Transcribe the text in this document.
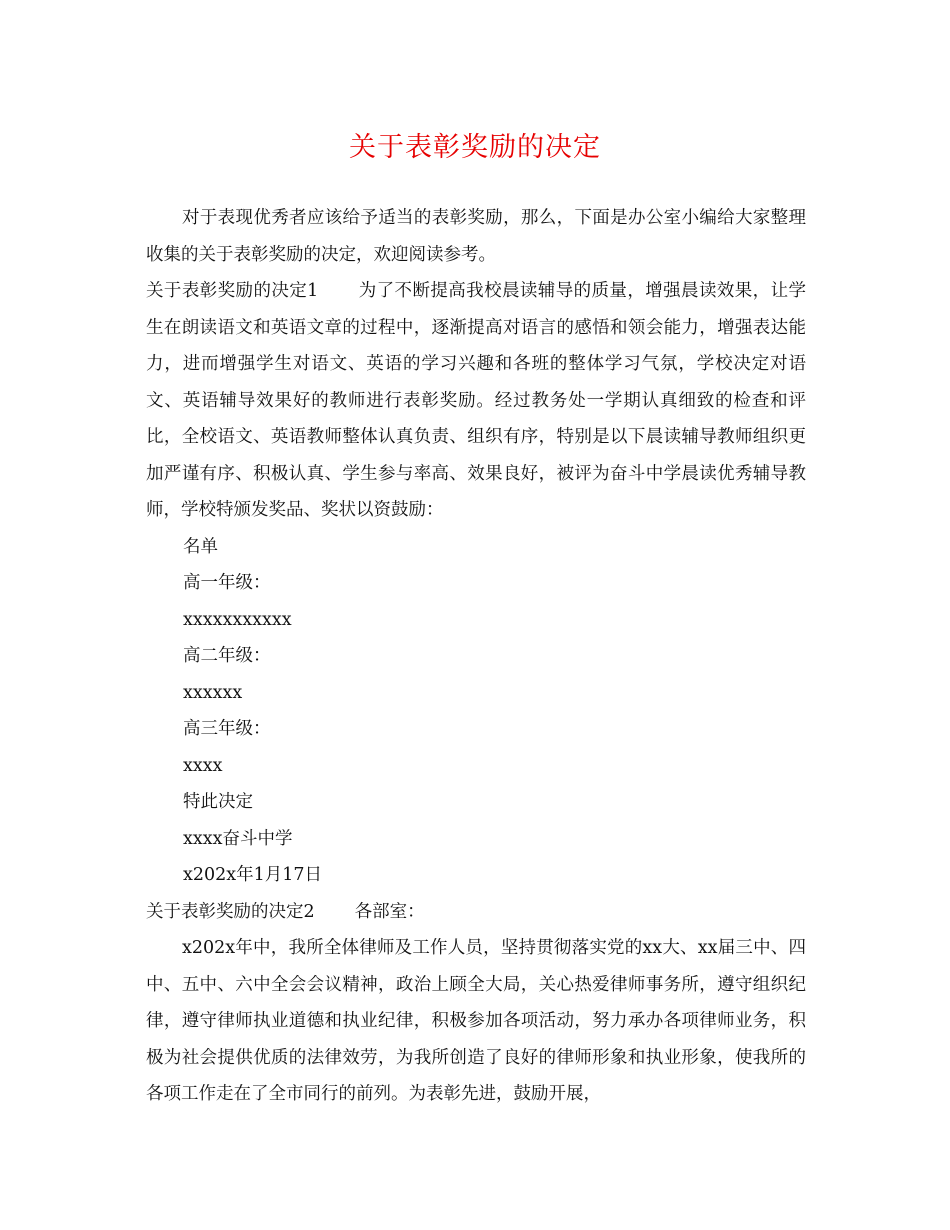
关于表彰奖励的决定

对于表现优秀者应该给予适当的表彰奖励，那么，下面是办公室小编给大家整理收集的关于表彰奖励的决定，欢迎阅读参考。

关于表彰奖励的决定1 为了不断提高我校晨读辅导的质量，增强晨读效果，让学生在朗读语文和英语文章的过程中，逐渐提高对语言的感悟和领会能力，增强表达能力，进而增强学生对语文、英语的学习兴趣和各班的整体学习气氛，学校决定对语文、英语辅导效果好的教师进行表彰奖励。经过教务处一学期认真细致的检查和评比，全校语文、英语教师整体认真负责、组织有序，特别是以下晨读辅导教师组织更加严谨有序、积极认真、学生参与率高、效果良好，被评为奋斗中学晨读优秀辅导教师，学校特颁发奖品、奖状以资鼓励：

名单

高一年级：

xxxxxxxxxxx

高二年级：

xxxxxx

高三年级：

xxxx

特此决定

xxxx奋斗中学

x202x年1月17日

关于表彰奖励的决定2 各部室：

x202x年中，我所全体律师及工作人员，坚持贯彻落实党的xx大、xx届三中、四中、五中、六中全会会议精神，政治上顾全大局，关心热爱律师事务所，遵守组织纪律，遵守律师执业道德和执业纪律，积极参加各项活动，努力承办各项律师业务，积极为社会提供优质的法律效劳，为我所创造了良好的律师形象和执业形象，使我所的各项工作走在了全市同行的前列。为表彰先进，鼓励开展，
